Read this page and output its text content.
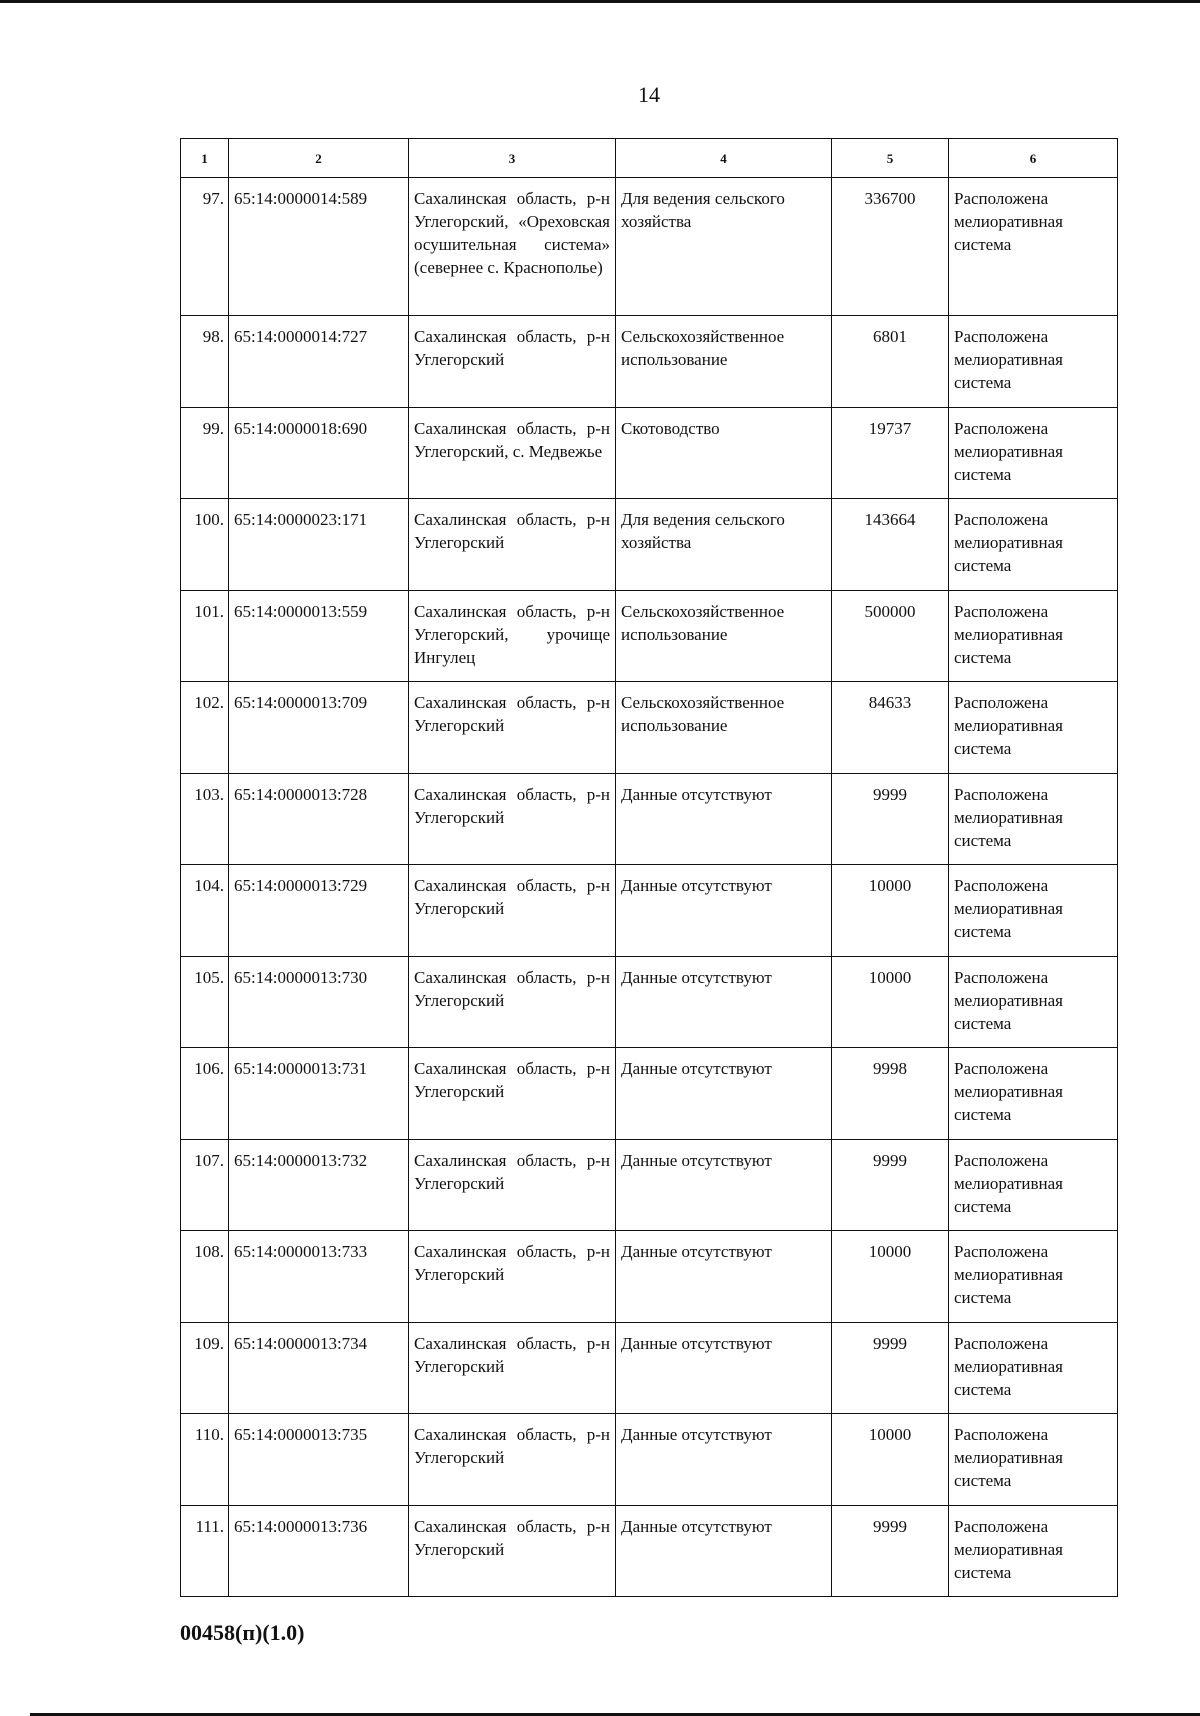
14
1	2	3	4	5	6
97.	65:14:0000014:589	Сахалинская область, р-н Углегорский, «Ореховская осушительная система» (севернее с. Краснополье)	Для ведения сельского хозяйства	336700	Расположена мелиоративная система
98.	65:14:0000014:727	Сахалинская область, р-н Углегорский	Сельскохозяйственное использование	6801	Расположена мелиоративная система
99.	65:14:0000018:690	Сахалинская область, р-н Углегорский, с. Медвежье	Скотоводство	19737	Расположена мелиоративная система
100.	65:14:0000023:171	Сахалинская область, р-н Углегорский	Для ведения сельского хозяйства	143664	Расположена мелиоративная система
101.	65:14:0000013:559	Сахалинская область, р-н Углегорский, урочище Ингулец	Сельскохозяйственное использование	500000	Расположена мелиоративная система
102.	65:14:0000013:709	Сахалинская область, р-н Углегорский	Сельскохозяйственное использование	84633	Расположена мелиоративная система
103.	65:14:0000013:728	Сахалинская область, р-н Углегорский	Данные отсутствуют	9999	Расположена мелиоративная система
104.	65:14:0000013:729	Сахалинская область, р-н Углегорский	Данные отсутствуют	10000	Расположена мелиоративная система
105.	65:14:0000013:730	Сахалинская область, р-н Углегорский	Данные отсутствуют	10000	Расположена мелиоративная система
106.	65:14:0000013:731	Сахалинская область, р-н Углегорский	Данные отсутствуют	9998	Расположена мелиоративная система
107.	65:14:0000013:732	Сахалинская область, р-н Углегорский	Данные отсутствуют	9999	Расположена мелиоративная система
108.	65:14:0000013:733	Сахалинская область, р-н Углегорский	Данные отсутствуют	10000	Расположена мелиоративная система
109.	65:14:0000013:734	Сахалинская область, р-н Углегорский	Данные отсутствуют	9999	Расположена мелиоративная система
110.	65:14:0000013:735	Сахалинская область, р-н Углегорский	Данные отсутствуют	10000	Расположена мелиоративная система
111.	65:14:0000013:736	Сахалинская область, р-н Углегорский	Данные отсутствуют	9999	Расположена мелиоративная система
00458(п)(1.0)
